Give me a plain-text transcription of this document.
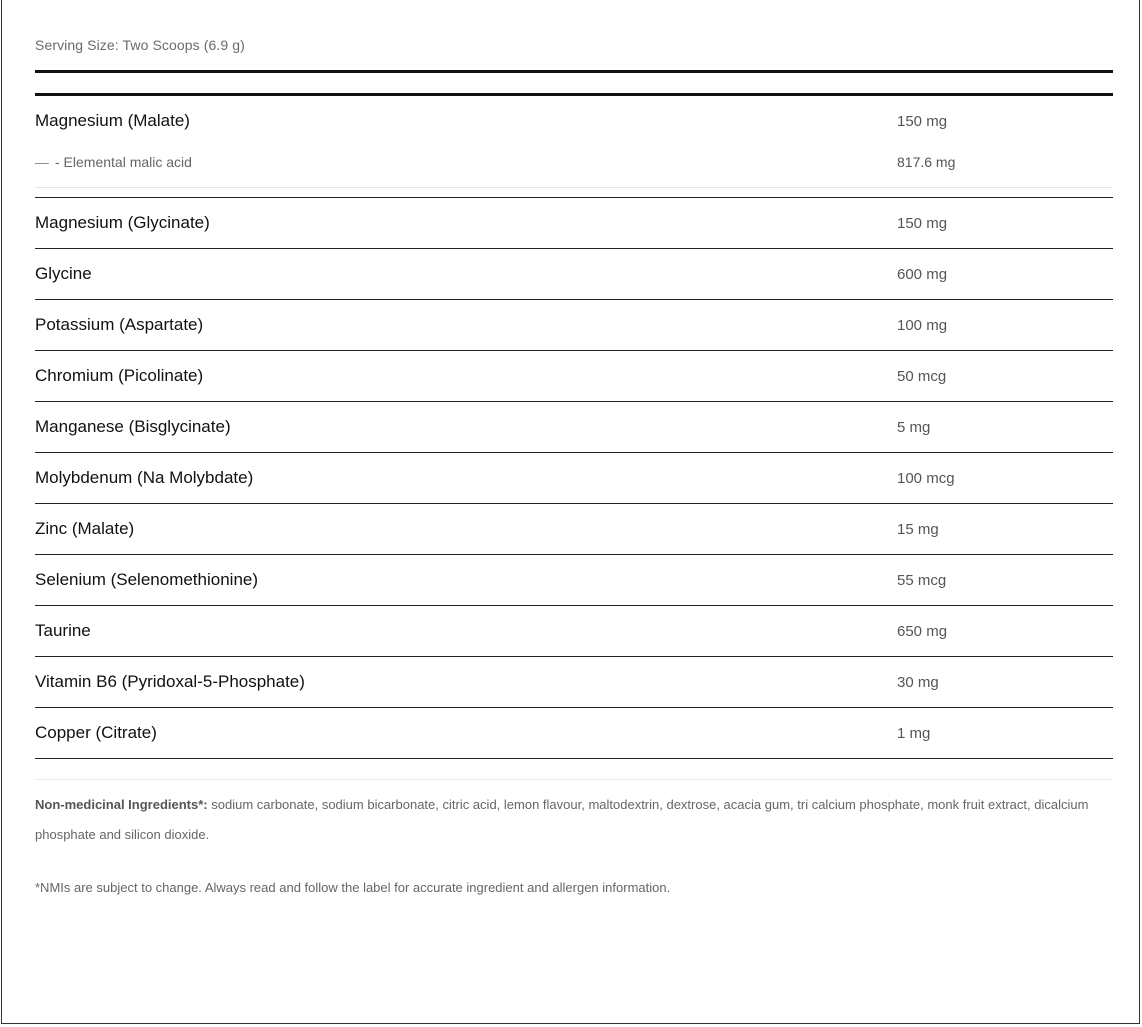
Serving Size: Two Scoops (6.9 g)
Magnesium (Malate)	150 mg
— - Elemental malic acid	817.6 mg
Magnesium (Glycinate)	150 mg
Glycine	600 mg
Potassium (Aspartate)	100 mg
Chromium (Picolinate)	50 mcg
Manganese (Bisglycinate)	5 mg
Molybdenum (Na Molybdate)	100 mcg
Zinc (Malate)	15 mg
Selenium (Selenomethionine)	55 mcg
Taurine	650 mg
Vitamin B6 (Pyridoxal-5-Phosphate)	30 mg
Copper (Citrate)	1 mg
Non-medicinal Ingredients*: sodium carbonate, sodium bicarbonate, citric acid, lemon flavour, maltodextrin, dextrose, acacia gum, tri calcium phosphate, monk fruit extract, dicalcium phosphate and silicon dioxide.
*NMIs are subject to change. Always read and follow the label for accurate ingredient and allergen information.
